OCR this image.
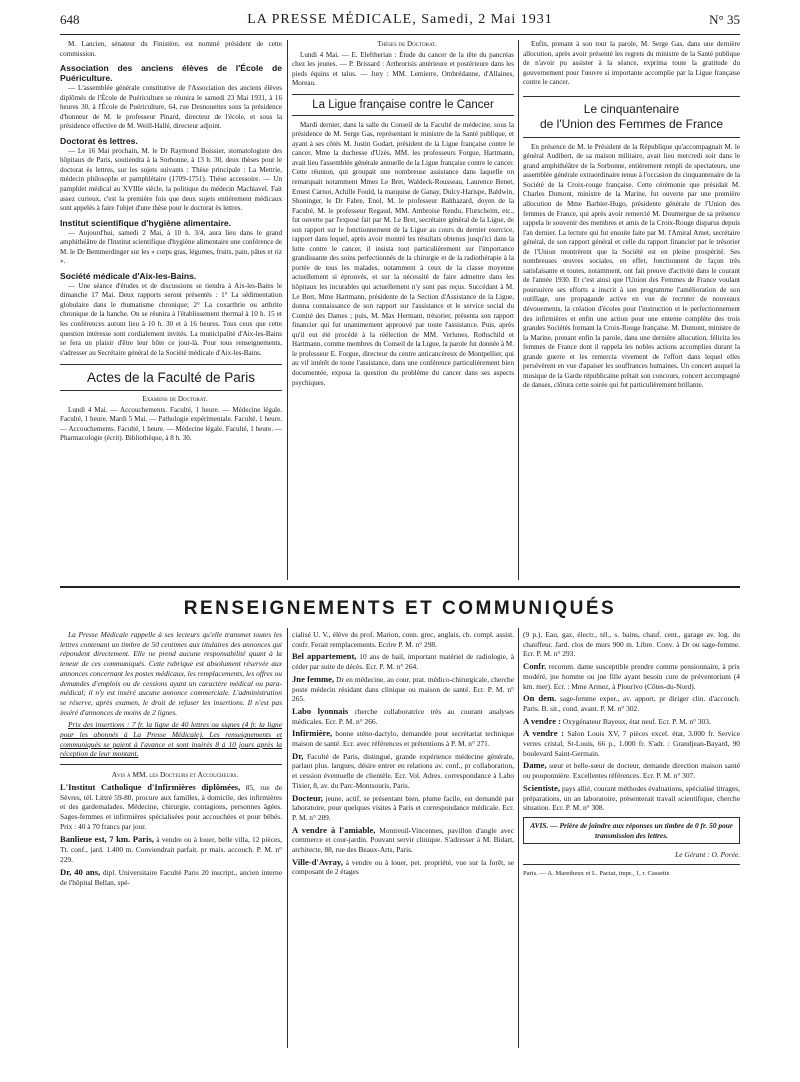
648	LA PRESSE MÉDICALE, Samedi, 2 Mai 1931	N° 35

M. Lancien, sénateur du Finistère, est nommé président de cette commission.

Association des anciens élèves de l'École de Puériculture.

— L'assemblée générale constitutive de l'Association des anciens élèves diplômés de l'École de Puériculture se réunira le samedi 23 Mai 1931, à 16 heures 30, à l'École de Puériculture, 64, rue Desnouettes sous la présidence d'honneur de M. le professeur Pinard, directeur de l'école, et sous la présidence effective de M. Weill-Hallé, directeur adjoint.

Doctorat ès lettres.

— Le 16 Mai prochain, M. le Dr Raymond Boissier, stomatologiste des hôpitaux de Paris, soutiendra à la Sorbonne, à 13 h. 30, deux thèses pour le doctorat ès lettres, sur les sujets suivants : Thèse principale : La Mettrie, médecin philosophe et pamphlétaire (1709-1751). Thèse accessoire. — Un pamphlet médical au XVIIIe siècle, la politique du médecin Machiavel. Fait assez curieux, c'est la première fois que deux sujets entièrement médicaux sont appelés à faire l'objet d'une thèse pour le doctorat ès lettres.

Institut scientifique d'hygiène alimentaire.

— Aujourd'hui, samedi 2 Mai, à 10 h. 3/4, aura lieu dans le grand amphithéâtre de l'Institut scientifique d'hygiène alimentaire une conférence de M. le Dr Bemmerdinger sur les « corps gras, légumes, fruits, pain, pâtes et riz ».

Société médicale d'Aix-les-Bains.

— Une séance d'études et de discussions se tiendra à Aix-les-Bains le dimanche 17 Mai. Deux rapports seront présentés : 1° La sédimentation globulaire dans le rhumatisme chronique; 2° La coxarthrie ou arthrite chronique de la hanche. On se réunira à l'établissement thermal à 10 h. 15 et les conférences auront lieu à 10 h. 30 et à 16 heures. Tous ceux que cette question intéresse sont cordialement invités. La municipalité d'Aix-les-Bains se fera un plaisir d'être leur hôte ce jour-là. Pour tous renseignements, s'adresser au Secrétaire général de la Société médicale d'Aix-les-Bains.

Actes de la Faculté de Paris

Examens de Doctorat.

Lundi 4 Mai. — Accouchements. Faculté, 1 heure. — Médecine légale. Faculté, 1 heure. Mardi 5 Mai. — Pathologie expérimentale. Faculté, 1 heure. — Accouchements. Faculté, 1 heure. — Médecine légale. Faculté, 1 heure. — Pharmacologie (écrit). Bibliothèque, à 8 h. 30.

Thèses de Doctorat.

Lundi 4 Mai. — E. Eleftherian : Étude du cancer de la tête du pancréas chez les jeunes. — P. Brissard : Arthrorisis antérieure et postérieure dans les pieds équins et talus. — Jury : MM. Lemierre, Ombrédanne, d'Allaines, Moreau.

La Ligue française contre le Cancer

Mardi dernier, dans la salle du Conseil de la Faculté de médecine, sous la présidence de M. Serge Gas, représentant le ministre de la Santé publique, et ayant à ses côtés M. Justin Godart, président de la Ligue française contre le cancer, Mme la duchesse d'Uzès, MM. les professeurs Forgue, Hartmann, avait lieu l'assemblée générale annuelle de la Ligue française contre le cancer. Cette réunion, qui groupait une nombreuse assistance dans laquelle on remarquait notamment Mmes Le Bret, Waldeck-Rousseau, Laurence Benet, Ernest Carnot, Achille Fould, la marquise de Ganay, Dulcy-Harispe, Baldwin, Shoninger, le Dr Fabre, Enol, M. le professeur Balthazard, doyen de la Faculté, M. le professeur Regaud, MM. Ambroise Rendu, Flurscheim, etc., fut ouverte par l'exposé fait par M. Le Bret, secrétaire général de la Ligue, de son rapport sur le fonctionnement de la Ligue au cours du dernier exercice, rapport dans lequel, après avoir montré les résultats obtenus jusqu'ici dans la lutte contre le cancer, il insista tout particulièrement sur l'importance grandissante des soins perfectionnés de la chirurgie et de la radiothérapie à la portée de tous les malades, notamment à ceux de la classe moyenne actuellement si éprouvés, et sur la nécessité de faire admettre dans les hôpitaux les incurables qui actuellement n'y sont pas reçus. Succédant à M. Le Bret, Mme Hartmann, présidente de la Section d'Assistance de la Ligue, donna connaissance de son rapport sur l'assistance et le service social du Comité des Dames ; puis, M. Max Hermant, trésorier, présenta son rapport financier qui fut unanimement approuvé par toute l'assistance. Puis, après qu'il eut été procédé à la réélection de MM. Verlunes, Rothschild et Hartmann, comme membres du Conseil de la Ligue, la parole fut donnée à M. le professeur E. Forgue, directeur du centre anticancéreux de Montpellier, qui au vif intérêt de toute l'assistance, dans une conférence particulièrement bien documentée, exposa la question du problème du cancer dans ses aspects psychiques.

Enfin, prenant à son tour la parole, M. Serge Gas, dans une dernière allocution, après avoir présenté les regrets du ministre de la Santé publique de n'avoir pu assister à la séance, exprima toute la gratitude du gouvernement pour l'œuvre si importante accomplie par la Ligue française contre le cancer.

Le cinquantenaire
de l'Union des Femmes de France

En présence de M. le Président de la République qu'accompagnait M. le général Audibert, de sa maison militaire, avait lieu mercredi soir dans le grand amphithéâtre de la Sorbonne, entièrement rempli de spectateurs, une assemblée générale extraordinaire tenue à l'occasion du cinquantenaire de la Société de la Croix-rouge française. Cette cérémonie que présidait M. Charles Dumont, ministre de la Marine, fut ouverte par une première allocution de Mme Barbier-Hugo, présidente générale de l'Union des femmes de France, qui après avoir remercié M. Doumergue de sa présence rappela le souvenir des membres et amis de la Croix-Rouge disparus depuis l'an dernier. La lecture qui fut ensuite faite par M. l'Amiral Amet, secrétaire général, de son rapport général et celle du rapport financier par le trésorier de l'Union montrèrent que la Société est en pleine prospérité. Ses nombreuses œuvres sociales, en effet, fonctionnent de façon très satisfaisante et toutes, notamment, ont fait preuve d'activité dans le courant de l'année 1930. Et c'est ainsi que l'Union des Femmes de France voulant poursuivre ses efforts a inscrit à son programme l'amélioration de son outillage, une propagande active en vue de recruter de nouveaux dévouements, la création d'écoles pour l'instruction et le perfectionnement des infirmières et enfin une action pour une entente complète des trois grandes Sociétés formant la Croix-Rouge française. M. Dumont, ministre de la Marine, prenant enfin la parole, dans une dernière allocution, félicita les femmes de France dont il rappela les nobles actions accomplies durant la grande guerre et les remercia vivement de l'effort dans lequel elles persévèrent en vue d'apaiser les souffrances humaines. Un concert auquel la musique de la Garde républicaine prêtait son concours, concert accompagné de danses, clôtura cette soirée qui fut particulièrement brillante.

RENSEIGNEMENTS ET COMMUNIQUÉS

La Presse Médicale rappelle à ses lecteurs qu'elle transmet toutes les lettres contenant un timbre de 50 centimes aux titulaires des annonces qui répondent directement. Elle ne prend aucune responsabilité quant à la teneur de ces communiqués. Cette rubrique est absolument réservée aux annonces concernant les postes médicaux, les remplacements, les offres ou demandes d'emplois ou de cessions ayant un caractère médical ou para-médical; il n'y est inséré aucune annonce commerciale. L'administration se réserve, après examen, le droit de refuser les insertions. Il n'est pas inséré d'annonces de moins de 2 lignes.

Prix des insertions : 7 fr. la ligne de 40 lettres ou signes (4 fr. la ligne pour les abonnés à La Presse Médicale). Les renseignements et communiqués se paient à l'avance et sont insérés 8 à 10 jours après la réception de leur montant.

Avis à MM. les Docteurs et Accoucheurs.

L'Institut Catholique d'Infirmières diplômées, 85, rue de Sèvres, tél. Littré 59-80, procure aux familles, à domicile, des infirmières et des gardemalades. Médecine, chirurgie, contagions, personnes âgées. Sages-femmes et infirmières spécialisées pour accouchées et pour bébés. Prix : 40 à 70 francs par jour.

Banlieue est, 7 km. Paris, à vendre ou à louer, belle villa, 12 pièces, Tt. conf., jard. 1.400 m. Conviendrait parfait. pr mais. accouch. P. M. n° 229.

Dr, 40 ans, dipl. Universitaire Faculté Paris 20 inscript., ancien interne de l'hôpital Bellan, spé-

cialisé U. V., élève du prof. Marion, conn. grec, anglais, ch. compl. assist. confr. Ferait remplacements. Ecrire P. M. n° 298.

Bel appartement, 10 ans de bail, important matériel de radiologie, à céder par suite de décès. Ecr. P. M. n° 264.

Jne femme, Dr en médecine, au cour. prat. médico-chirurgicale, cherche poste médecin résidant dans clinique ou maison de santé. Ecr. P. M. n° 265.

Labo lyonnais cherche collaboratrice très au courant analyses médicales. Ecr. P. M. n° 266.

Infirmière, bonne sténo-dactylo, demandée pour secrétariat technique maison de santé. Ecr. avec références et prétentions à P. M. n° 271.

Dr, Faculté de Paris, distingué, grande expérience médecine générale, parlant plus. langues, désire entrer en relations av. conf., pr collaboration, et cession éventuelle de clientèle. Ecr. Vol. Adres. correspondance à Labo Tixier, 8, av. du Parc-Montsouris, Paris.

Docteur, jeune, actif, se présentant bien, plume facile, est demandé par laboratoire, pour quelques visites à Paris et correspondance médicale. Ecr. P. M. n° 289.

A vendre à l'amiable, Montreuil-Vincennes, pavillon d'angle avec commerce et cour-jardin. Pouvant servir clinique. S'adresser à M. Bidart, architecte, 88, rue des Beaux-Arts, Paris.

Ville-d'Avray, à vendre ou à louer, pet. propriété, vue sur la forêt, se composant de 2 étages

(9 p.). Eau, gaz, électr., tél., s. bains, chauf. cent., garage av. log. du chauffeur. Jard. clos de murs 900 m. Libre. Conv. à Dr ou sage-femme. Ecr. P. M. n° 293.

Confr. recomm. dame susceptible prendre comme pensionnaire, à prix modéré, jne homme ou jne fille ayant besoin cure de préventorium (4 km. mer). Ecr. : Mme Armez, à Plourivo (Côtes-du-Nord).

On dem. sage-femme exper., av. apport, pr diriger clin. d'accouch. Paris. B. sit., cond. avant. P. M. n° 302.

A vendre : Oxygénateur Bayeux, état neuf. Ecr. P. M. n° 303.

A vendre : Salon Louis XV, 7 pièces excel. état, 3.000 fr. Service verres cristal, St-Louis, 66 p., 1.000 fr. S'adr. : Grandjean-Bayard, 90 boulevard Saint-Germain.

Dame, sœur et belle-sœur de docteur, demande direction maison santé ou pouponnière. Excellentes références. Ecr. P. M. n° 307.

Scientiste, pays allié, courant méthodes évaluations, spécialisé titrages, préparations, un an laboratoire, présenterait travail scientifique, cherche situation. Ecr. P. M. n° 308.

AVIS. — Prière de joindre aux réponses un timbre de 0 fr. 50 pour transmission des lettres.

Le Gérant : O. Porée.

Paris. — A. Maretheux et L. Pactat, impr., 1, r. Cassette
